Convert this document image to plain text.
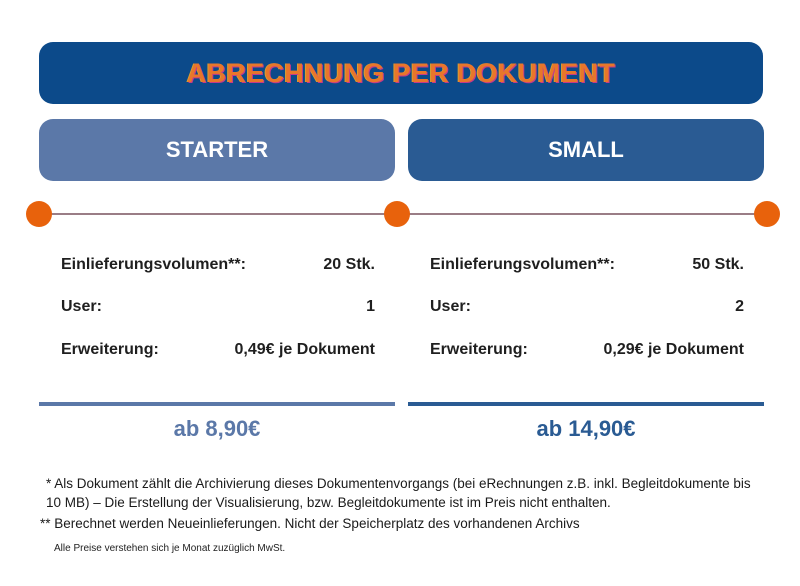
ABRECHNUNG PER DOKUMENT
STARTER	SMALL
Einlieferungsvolumen**:	20 Stk.
User:	1
Erweiterung:	0,49€ je Dokument
Einlieferungsvolumen**:	50 Stk.
User:	2
Erweiterung:	0,29€ je Dokument
ab 8,90€	ab 14,90€
* Als Dokument zählt die Archivierung dieses Dokumentenvorgangs (bei eRechnungen z.B. inkl. Begleitdokumente bis 10 MB) – Die Erstellung der Visualisierung, bzw. Begleitdokumente ist im Preis nicht enthalten.
** Berechnet werden Neueinlieferungen. Nicht der Speicherplatz des vorhandenen Archivs
Alle Preise verstehen sich je Monat zuzüglich MwSt.
